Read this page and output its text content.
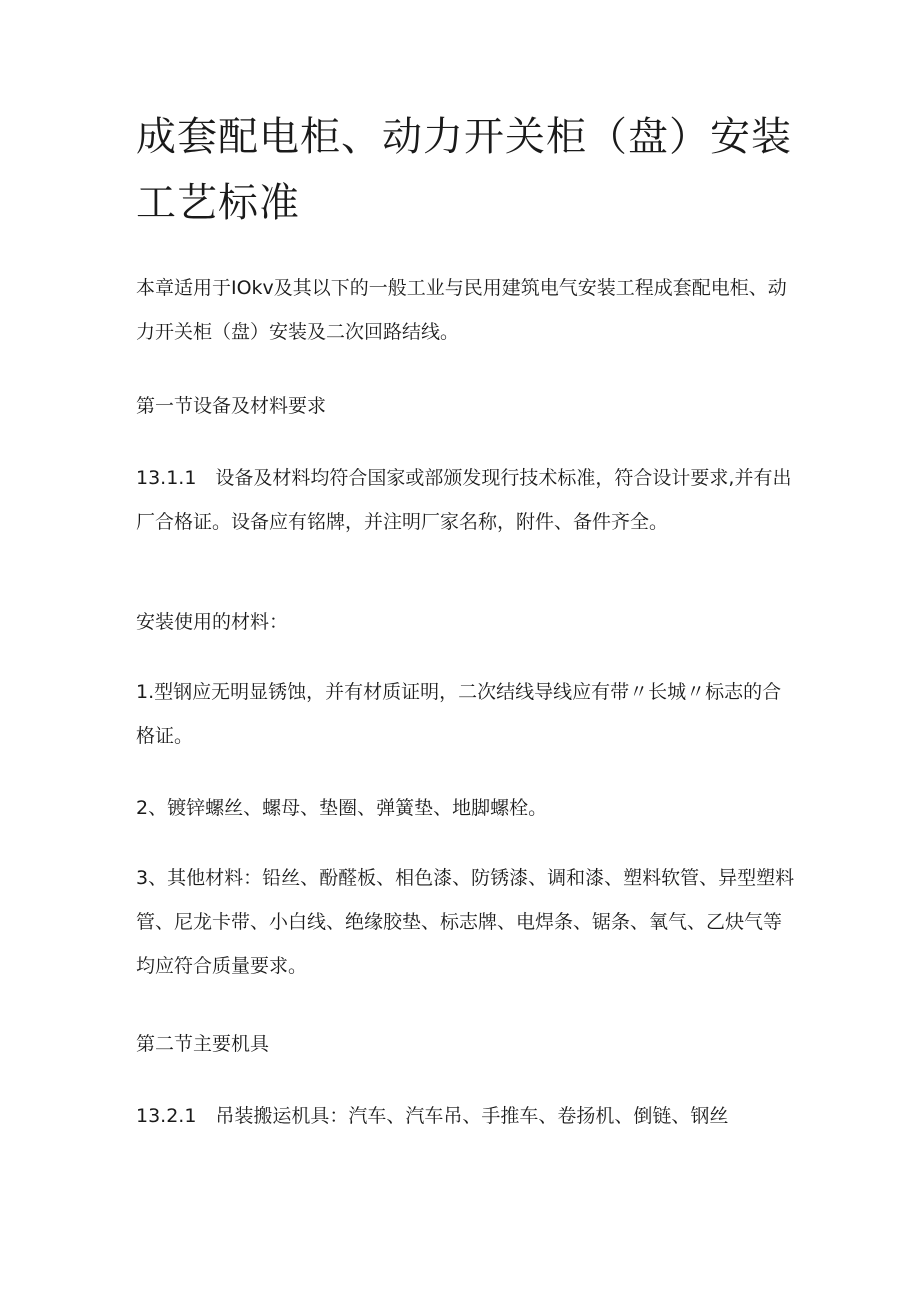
成套配电柜、动力开关柜（盘）安装工艺标准

本章适用于IOkv及其以下的一般工业与民用建筑电气安装工程成套配电柜、动力开关柜（盘）安装及二次回路结线。

第一节设备及材料要求

13.1.1　设备及材料均符合国家或部颁发现行技术标准，符合设计要求,并有出厂合格证。设备应有铭牌，并注明厂家名称，附件、备件齐全。

安装使用的材料：

1.型钢应无明显锈蚀，并有材质证明，二次结线导线应有带〃长城〃标志的合格证。

2、镀锌螺丝、螺母、垫圈、弹簧垫、地脚螺栓。

3、其他材料：铅丝、酚醛板、相色漆、防锈漆、调和漆、塑料软管、异型塑料管、尼龙卡带、小白线、绝缘胶垫、标志牌、电焊条、锯条、氧气、乙炔气等均应符合质量要求。

第二节主要机具

13.2.1　吊装搬运机具：汽车、汽车吊、手推车、卷扬机、倒链、钢丝
